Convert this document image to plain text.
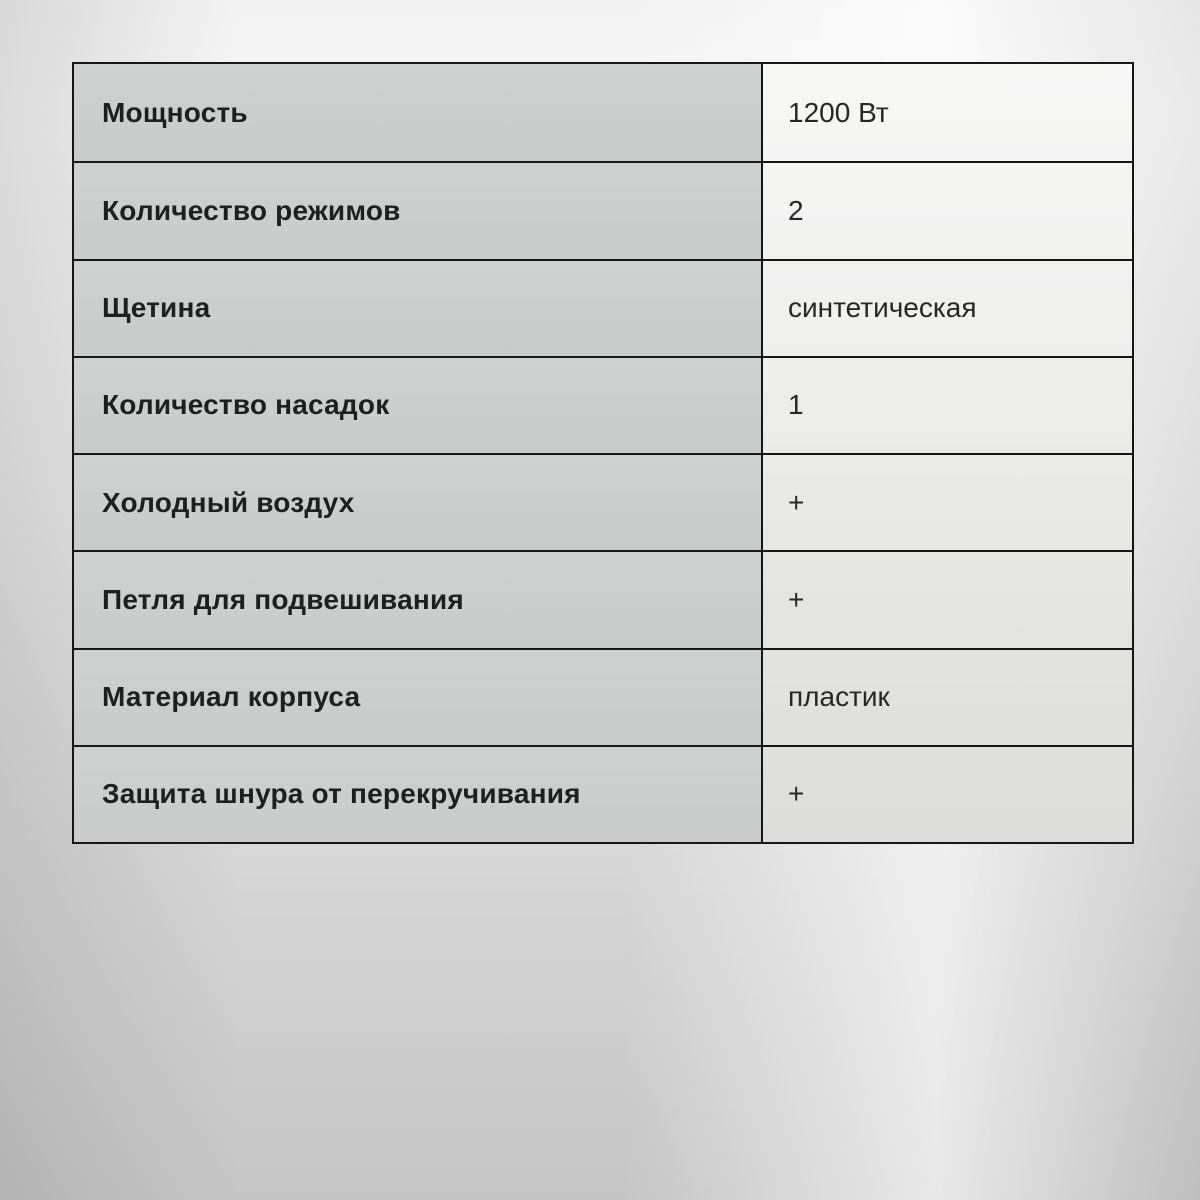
Мощность	1200 Вт
Количество режимов	2
Щетина	синтетическая
Количество насадок	1
Холодный воздух	+
Петля для подвешивания	+
Материал корпуса	пластик
Защита шнура от перекручивания	+
